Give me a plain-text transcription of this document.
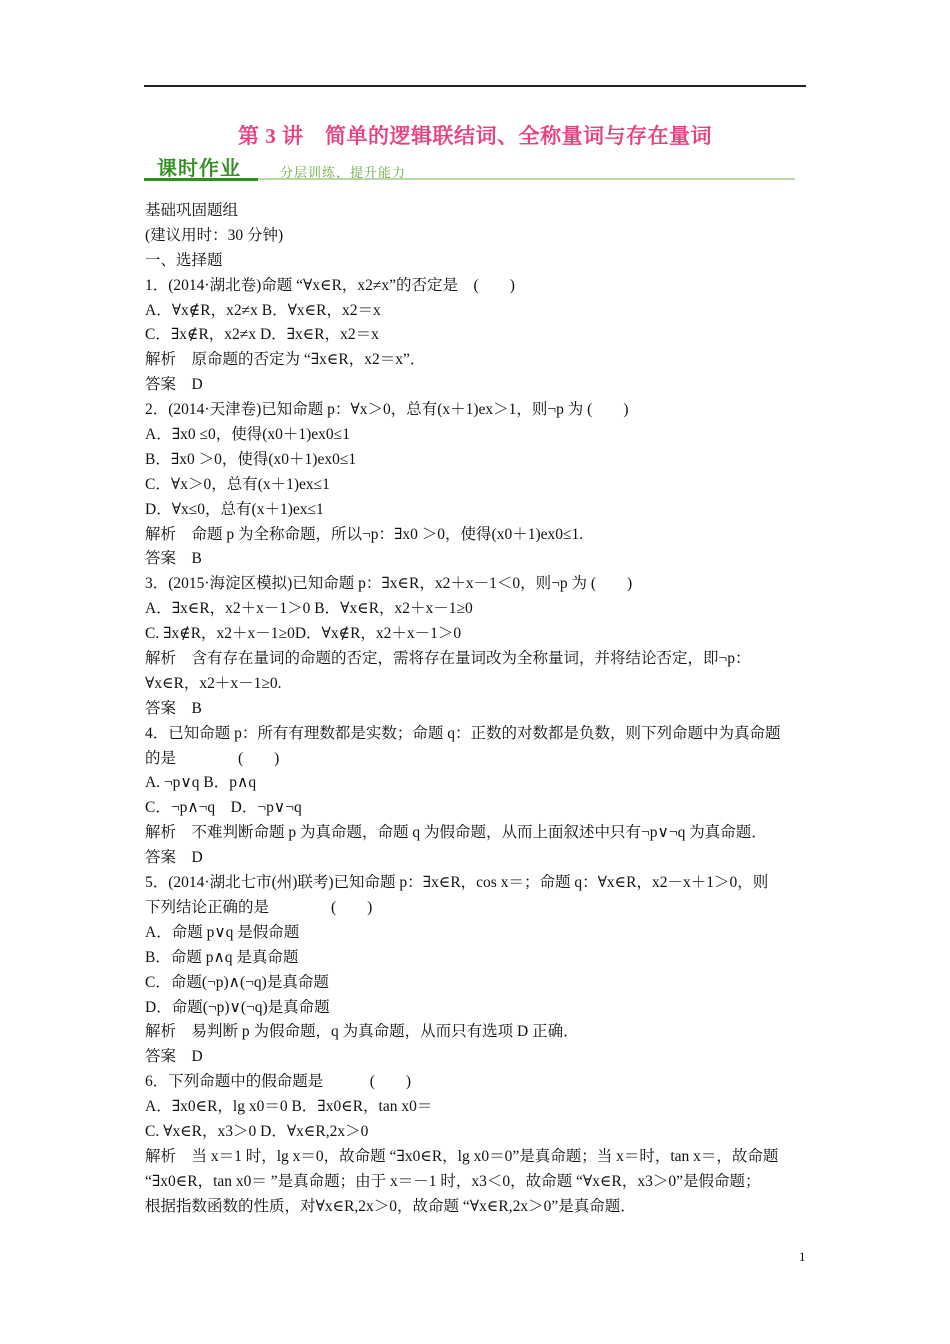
第 3 讲　简单的逻辑联结词、全称量词与存在量词
课时作业	分层训练，提升能力
基础巩固题组
(建议用时：30 分钟)
一、选择题
1．(2014·湖北卷)命题 “∀x∈R，x2≠x”的否定是　(　　)
A．∀x∉R，x2≠x B．∀x∈R，x2＝x
C．∃x∉R，x2≠x D．∃x∈R，x2＝x
解析　原命题的否定为 “∃x∈R，x2＝x”．
答案　D
2．(2014·天津卷)已知命题 p：∀x＞0，总有(x＋1)ex＞1，则¬p 为 (　　)
A．∃x0 ≤0，使得(x0＋1)ex0≤1
B．∃x0 ＞0，使得(x0＋1)ex0≤1
C．∀x＞0，总有(x＋1)ex≤1
D．∀x≤0，总有(x＋1)ex≤1
解析　命题 p 为全称命题，所以¬p：∃x0 ＞0，使得(x0＋1)ex0≤1.
答案　B
3．(2015·海淀区模拟)已知命题 p：∃x∈R，x2＋x－1＜0，则¬p 为 (　　)
A．∃x∈R，x2＋x－1＞0 B．∀x∈R，x2＋x－1≥0
C. ∃x∉R，x2＋x－1≥0D．∀x∉R，x2＋x－1＞0
解析　含有存在量词的命题的否定，需将存在量词改为全称量词，并将结论否定，即¬p：
∀x∈R，x2＋x－1≥0.
答案　B
4．已知命题 p：所有有理数都是实数；命题 q：正数的对数都是负数，则下列命题中为真命题
的是　　　　(　　)
A. ¬p∨q B．p∧q
C．¬p∧¬q　D．¬p∨¬q
解析　不难判断命题 p 为真命题，命题 q 为假命题，从而上面叙述中只有¬p∨¬q 为真命题．
答案　D
5．(2014·湖北七市(州)联考)已知命题 p：∃x∈R，cos x＝；命题 q：∀x∈R，x2－x＋1＞0，则
下列结论正确的是　　　　(　　)
A．命题 p∨q 是假命题
B．命题 p∧q 是真命题
C．命题(¬p)∧(¬q)是真命题
D．命题(¬p)∨(¬q)是真命题
解析　易判断 p 为假命题，q 为真命题，从而只有选项 D 正确．
答案　D
6．下列命题中的假命题是　　　(　　)
A．∃x0∈R，lg x0＝0 B．∃x0∈R，tan x0＝
C. ∀x∈R，x3＞0 D．∀x∈R,2x＞0
解析　当 x＝1 时，lg x＝0，故命题 “∃x0∈R，lg x0＝0”是真命题；当 x＝时，tan x＝，故命题
“∃x0∈R，tan x0＝ ”是真命题；由于 x＝－1 时，x3＜0，故命题 “∀x∈R，x3＞0”是假命题；
根据指数函数的性质，对∀x∈R,2x＞0，故命题 “∀x∈R,2x＞0”是真命题．
1
